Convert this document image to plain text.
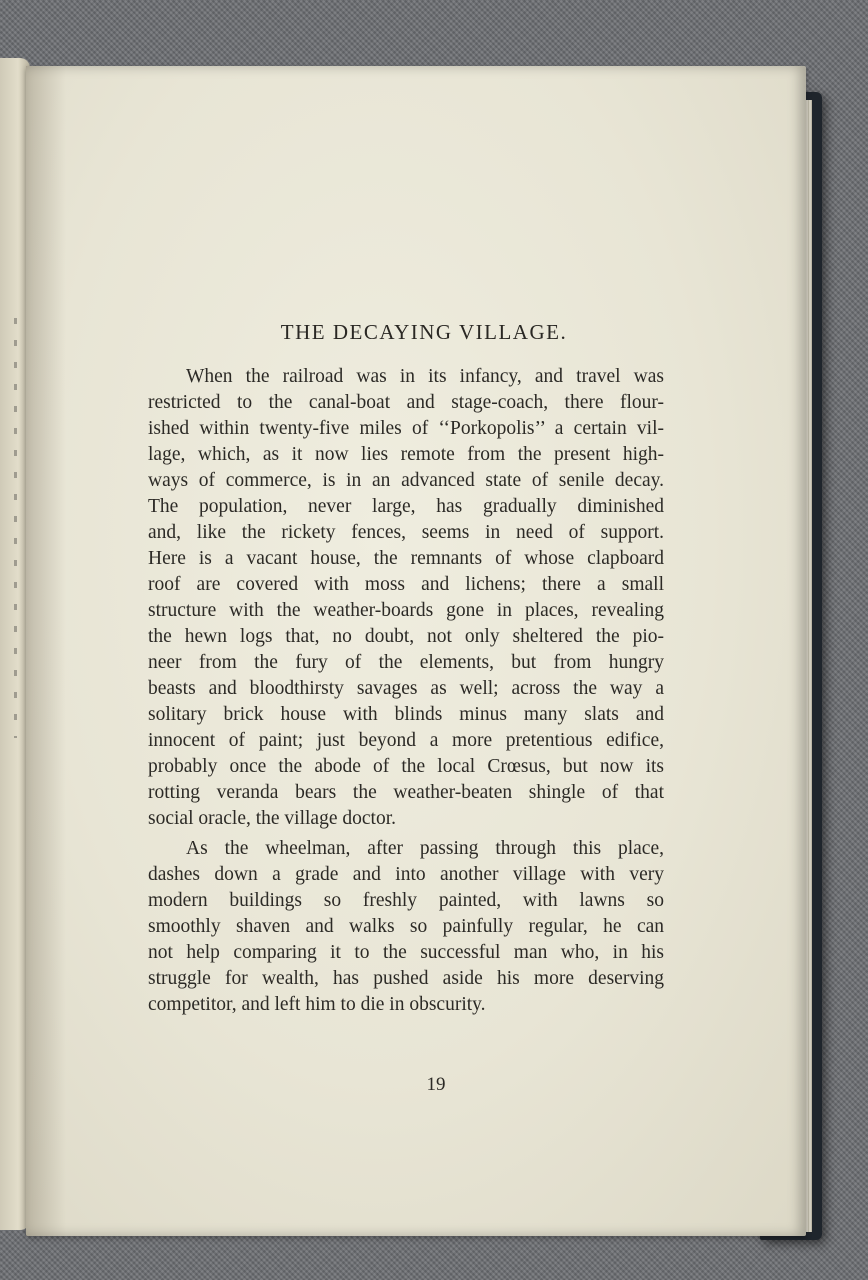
THE DECAYING VILLAGE.
When the railroad was in its infancy, and travel was
restricted to the canal-boat and stage-coach, there flour-
ished within twenty-five miles of ‘‘Porkopolis’’ a certain vil-
lage, which, as it now lies remote from the present high-
ways of commerce, is in an advanced state of senile decay.
The population, never large, has gradually diminished
and, like the rickety fences, seems in need of support.
Here is a vacant house, the remnants of whose clapboard
roof are covered with moss and lichens; there a small
structure with the weather-boards gone in places, revealing
the hewn logs that, no doubt, not only sheltered the pio-
neer from the fury of the elements, but from hungry
beasts and bloodthirsty savages as well; across the way a
solitary brick house with blinds minus many slats and
innocent of paint; just beyond a more pretentious edifice,
probably once the abode of the local Crœsus, but now its
rotting veranda bears the weather-beaten shingle of that
social oracle, the village doctor.
As the wheelman, after passing through this place,
dashes down a grade and into another village with very
modern buildings so freshly painted, with lawns so
smoothly shaven and walks so painfully regular, he can
not help comparing it to the successful man who, in his
struggle for wealth, has pushed aside his more deserving
competitor, and left him to die in obscurity.
19
